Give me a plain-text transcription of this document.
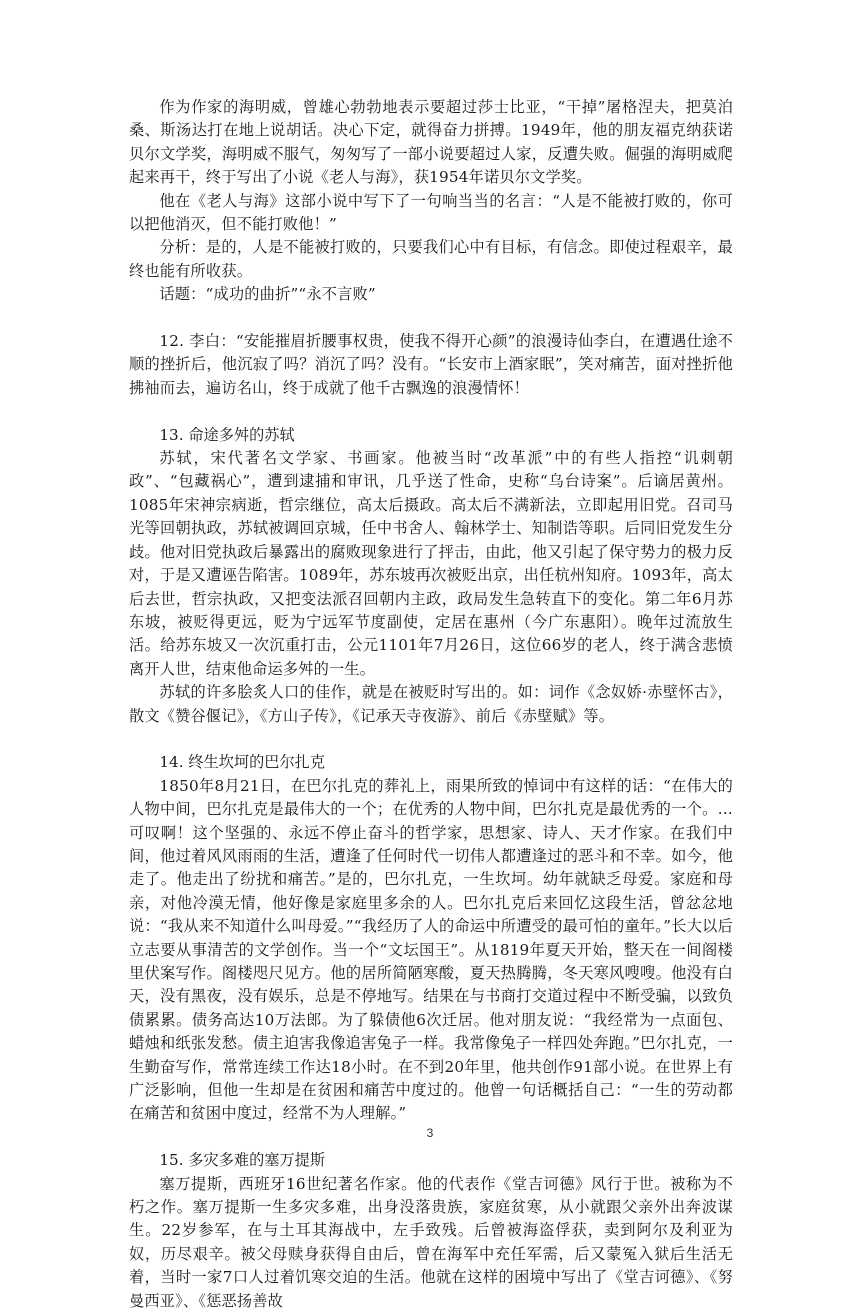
作为作家的海明威，曾雄心勃勃地表示要超过莎士比亚，“干掉”屠格涅夫，把莫泊桑、斯汤达打在地上说胡话。决心下定，就得奋力拼搏。1949年，他的朋友福克纳获诺贝尔文学奖，海明威不服气，匆匆写了一部小说要超过人家，反遭失败。倔强的海明威爬起来再干，终于写出了小说《老人与海》，获1954年诺贝尔文学奖。

他在《老人与海》这部小说中写下了一句响当当的名言：“人是不能被打败的，你可以把他消灭，但不能打败他！”

分析：是的，人是不能被打败的，只要我们心中有目标，有信念。即使过程艰辛，最终也能有所收获。

话题：“成功的曲折”“永不言败”

12. 李白：“安能摧眉折腰事权贵，使我不得开心颜”的浪漫诗仙李白，在遭遇仕途不顺的挫折后，他沉寂了吗？消沉了吗？没有。“长安市上酒家眠”，笑对痛苦，面对挫折他拂袖而去，遍访名山，终于成就了他千古飘逸的浪漫情怀！

13. 命途多舛的苏轼

苏轼，宋代著名文学家、书画家。他被当时“改革派”中的有些人指控“讥刺朝政”、“包藏祸心”，遭到逮捕和审讯，几乎送了性命，史称“乌台诗案”。后谪居黄州。1085年宋神宗病逝，哲宗继位，高太后摄政。高太后不满新法，立即起用旧党。召司马光等回朝执政，苏轼被调回京城，任中书舍人、翰林学士、知制诰等职。后同旧党发生分歧。他对旧党执政后暴露出的腐败现象进行了抨击，由此，他又引起了保守势力的极力反对，于是又遭诬告陷害。1089年，苏东坡再次被贬出京，出任杭州知府。1093年，高太后去世，哲宗执政，又把变法派召回朝内主政，政局发生急转直下的变化。第二年6月苏东坡，被贬得更远，贬为宁远军节度副使，定居在惠州（今广东惠阳）。晚年过流放生活。给苏东坡又一次沉重打击，公元1101年7月26日，这位66岁的老人，终于满含悲愤离开人世，结束他命运多舛的一生。

苏轼的许多脍炙人口的佳作，就是在被贬时写出的。如：词作《念奴娇·赤壁怀古》，散文《赞谷偃记》，《方山子传》，《记承天寺夜游》、前后《赤壁赋》等。

14. 终生坎坷的巴尔扎克

1850年8月21日，在巴尔扎克的葬礼上，雨果所致的悼词中有这样的话：“在伟大的人物中间，巴尔扎克是最伟大的一个；在优秀的人物中间，巴尔扎克是最优秀的一个。…可叹啊！这个坚强的、永远不停止奋斗的哲学家，思想家、诗人、天才作家。在我们中间，他过着风风雨雨的生活，遭逢了任何时代一切伟人都遭逢过的恶斗和不幸。如今，他走了。他走出了纷扰和痛苦。”是的，巴尔扎克，一生坎坷。幼年就缺乏母爱。家庭和母亲，对他冷漠无情，他好像是家庭里多余的人。巴尔扎克后来回忆这段生活，曾忿忿地说：“我从来不知道什么叫母爱。”“我经历了人的命运中所遭受的最可怕的童年。”长大以后立志要从事清苦的文学创作。当一个“文坛国王”。从1819年夏天开始，整天在一间阁楼里伏案写作。阁楼咫尺见方。他的居所简陋寒酸，夏天热腾腾，冬天寒风嗖嗖。他没有白天，没有黑夜，没有娱乐，总是不停地写。结果在与书商打交道过程中不断受骗，以致负债累累。债务高达10万法郎。为了躲债他6次迁居。他对朋友说：“我经常为一点面包、蜡烛和纸张发愁。债主迫害我像追害兔子一样。我常像兔子一样四处奔跑。”巴尔扎克，一生勤奋写作，常常连续工作达18小时。在不到20年里，他共创作91部小说。在世界上有广泛影响，但他一生却是在贫困和痛苦中度过的。他曾一句话概括自己：“一生的劳动都在痛苦和贫困中度过，经常不为人理解。”

15. 多灾多难的塞万提斯

塞万提斯，西班牙16世纪著名作家。他的代表作《堂吉诃德》风行于世。被称为不朽之作。塞万提斯一生多灾多难，出身没落贵族，家庭贫寒，从小就跟父亲外出奔波谋生。22岁参军，在与土耳其海战中，左手致残。后曾被海盗俘获，卖到阿尔及利亚为奴，历尽艰辛。被父母赎身获得自由后，曾在海军中充任军需，后又蒙冤入狱后生活无着，当时一家7口人过着饥寒交迫的生活。他就在这样的困境中写出了《堂吉诃德》、《努曼西亚》、《惩恶扬善故

3
